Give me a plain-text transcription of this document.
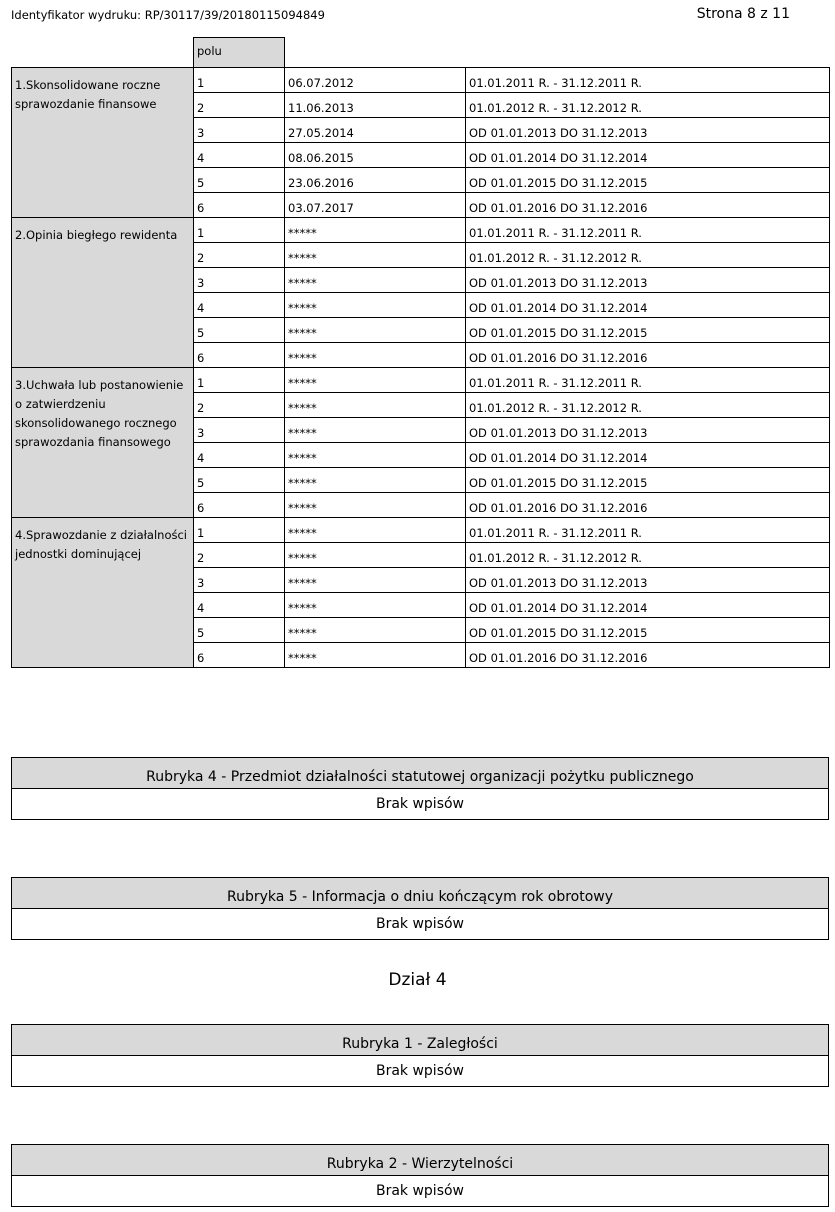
Identyfikator wydruku: RP/30117/39/20180115094849	Strona 8 z 11
	polu		
1.Skonsolidowane roczne sprawozdanie finansowe	1	06.07.2012	01.01.2011 R. - 31.12.2011 R.
	2	11.06.2013	01.01.2012 R. - 31.12.2012 R.
	3	27.05.2014	OD 01.01.2013 DO 31.12.2013
	4	08.06.2015	OD 01.01.2014 DO 31.12.2014
	5	23.06.2016	OD 01.01.2015 DO 31.12.2015
	6	03.07.2017	OD 01.01.2016 DO 31.12.2016
2.Opinia biegłego rewidenta	1	*****	01.01.2011 R. - 31.12.2011 R.
	2	*****	01.01.2012 R. - 31.12.2012 R.
	3	*****	OD 01.01.2013 DO 31.12.2013
	4	*****	OD 01.01.2014 DO 31.12.2014
	5	*****	OD 01.01.2015 DO 31.12.2015
	6	*****	OD 01.01.2016 DO 31.12.2016
3.Uchwała lub postanowienie o zatwierdzeniu skonsolidowanego rocznego sprawozdania finansowego	1	*****	01.01.2011 R. - 31.12.2011 R.
	2	*****	01.01.2012 R. - 31.12.2012 R.
	3	*****	OD 01.01.2013 DO 31.12.2013
	4	*****	OD 01.01.2014 DO 31.12.2014
	5	*****	OD 01.01.2015 DO 31.12.2015
	6	*****	OD 01.01.2016 DO 31.12.2016
4.Sprawozdanie z działalności jednostki dominującej	1	*****	01.01.2011 R. - 31.12.2011 R.
	2	*****	01.01.2012 R. - 31.12.2012 R.
	3	*****	OD 01.01.2013 DO 31.12.2013
	4	*****	OD 01.01.2014 DO 31.12.2014
	5	*****	OD 01.01.2015 DO 31.12.2015
	6	*****	OD 01.01.2016 DO 31.12.2016
Rubryka 4 - Przedmiot działalności statutowej organizacji pożytku publicznego
Brak wpisów
Rubryka 5 - Informacja o dniu kończącym rok obrotowy
Brak wpisów
Dział 4
Rubryka 1 - Zaległości
Brak wpisów
Rubryka 2 - Wierzytelności
Brak wpisów
